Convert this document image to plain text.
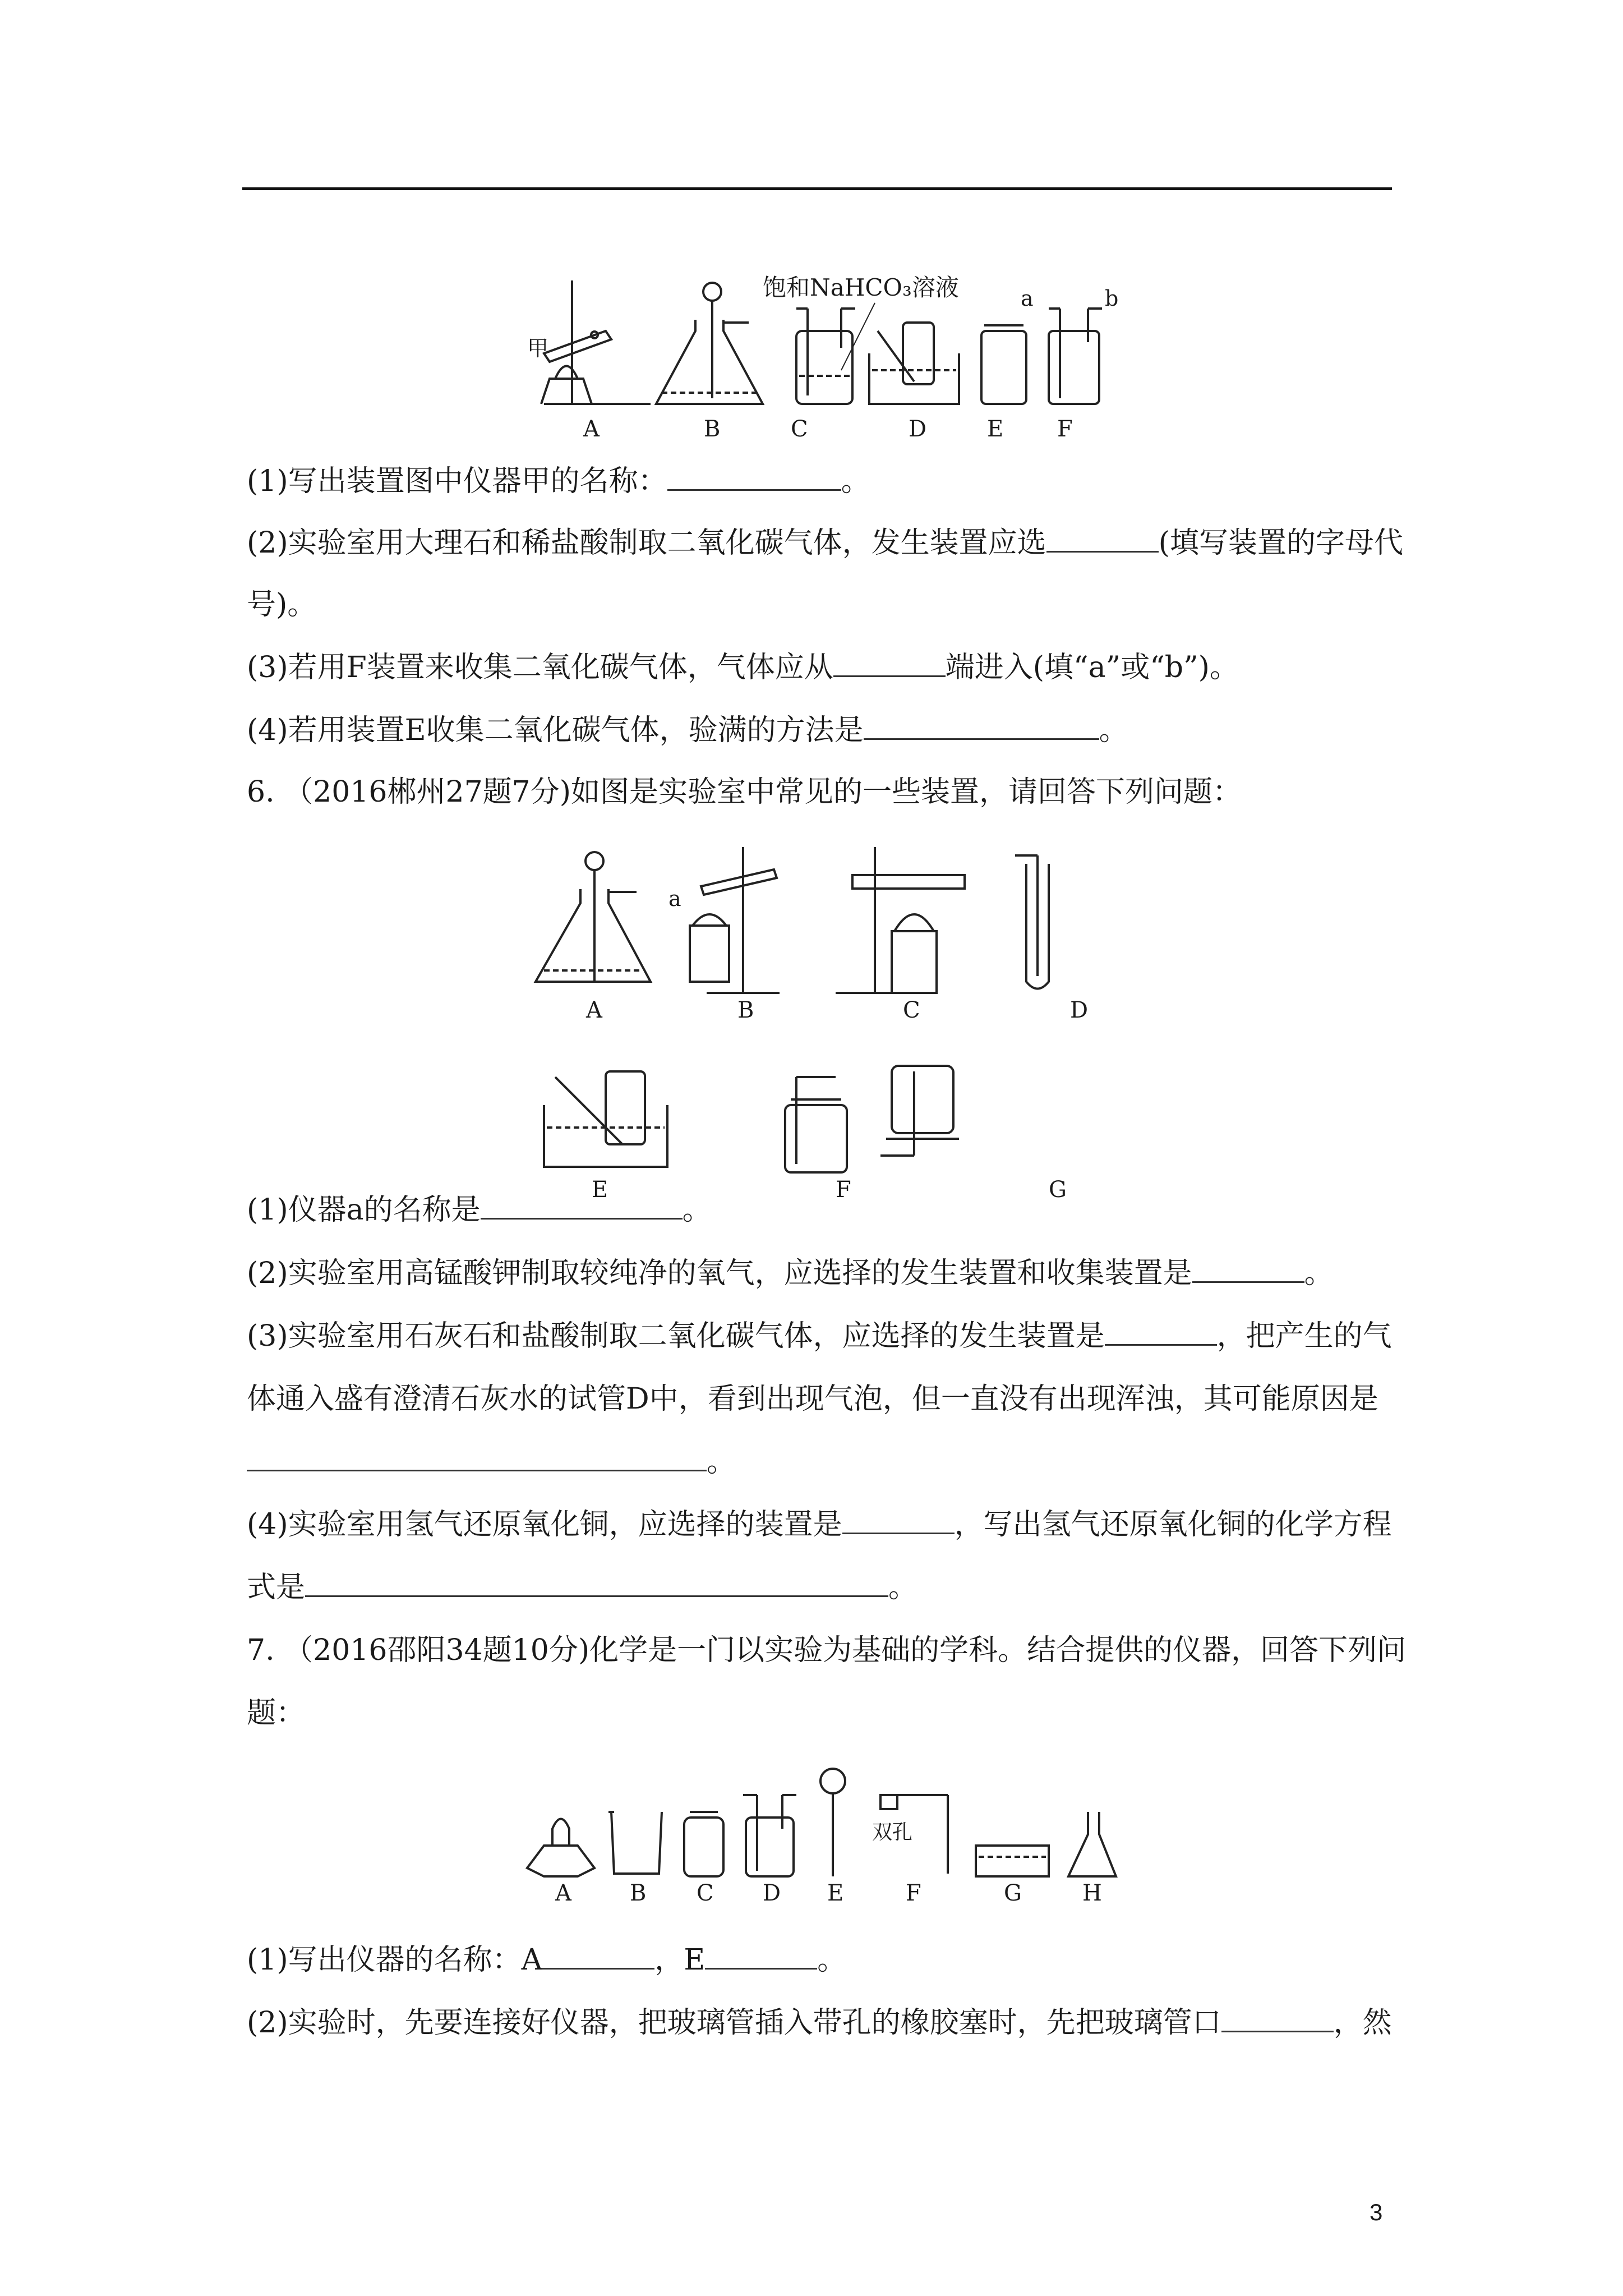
饱和NaHCO₃溶液
甲
a	b
A	B	C	D	E F
(1)写出装置图中仪器甲的名称：	。
(2)实验室用大理石和稀盐酸制取二氧化碳气体，发生装置应选	(填写装置的字母代
号)。
(3)若用F装置来收集二氧化碳气体，气体应从	端进入(填“a”或“b”)。
(4)若用装置E收集二氧化碳气体，验满的方法是	。
6. （2016郴州27题7分)如图是实验室中常见的一些装置，请回答下列问题：
a
A	B	C	D
E	F	G
(1)仪器a的名称是	。
(2)实验室用高锰酸钾制取较纯净的氧气，应选择的发生装置和收集装置是	。
(3)实验室用石灰石和盐酸制取二氧化碳气体，应选择的发生装置是	，把产生的气
体通入盛有澄清石灰水的试管D中，看到出现气泡，但一直没有出现浑浊，其可能原因是
。
(4)实验室用氢气还原氧化铜，应选择的装置是	，写出氢气还原氧化铜的化学方程
式是	。
7. （2016邵阳34题10分)化学是一门以实验为基础的学科。结合提供的仪器，回答下列问
题：
双孔
A	B C D E	F	G	H
(1)写出仪器的名称：A	，E	。
(2)实验时，先要连接好仪器，把玻璃管插入带孔的橡胶塞时，先把玻璃管口	，然
3
